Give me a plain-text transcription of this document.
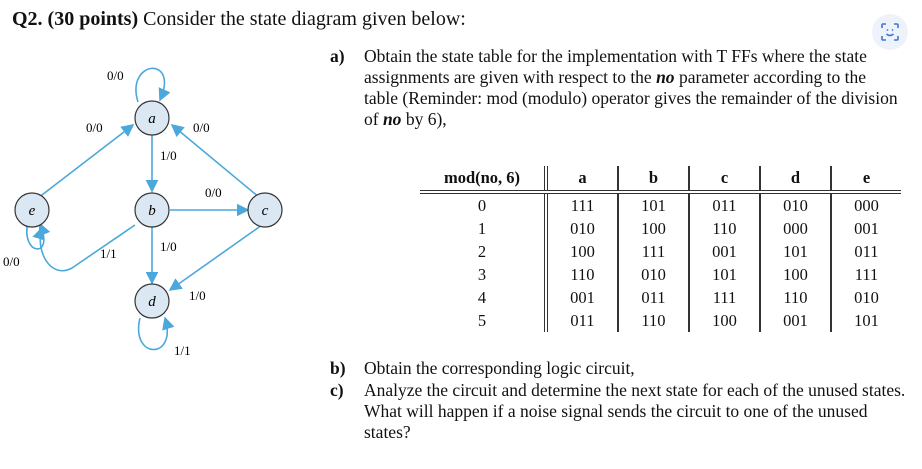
Q2. (30 points) Consider the state diagram given below:
a
b	c
d
e
0/0
0/0	0/0
1/0
0/0
0/0
1/1	1/0
1/0
1/1
a)	Obtain the state table for the implementation with T FFs where the state assignments are given with respect to the no parameter according to the table (Reminder: mod (modulo) operator gives the remainder of the division of no by 6),
mod(no, 6)	a	b	c	d	e
0	111	101	011	010	000
1	010	100	110	000	001
2	100	111	001	101	011
3	110	010	101	100	111
4	001	011	111	110	010
5	011	110	100	001	101
b)	Obtain the corresponding logic circuit,
c)	Analyze the circuit and determine the next state for each of the unused states. What will happen if a noise signal sends the circuit to one of the unused states?
